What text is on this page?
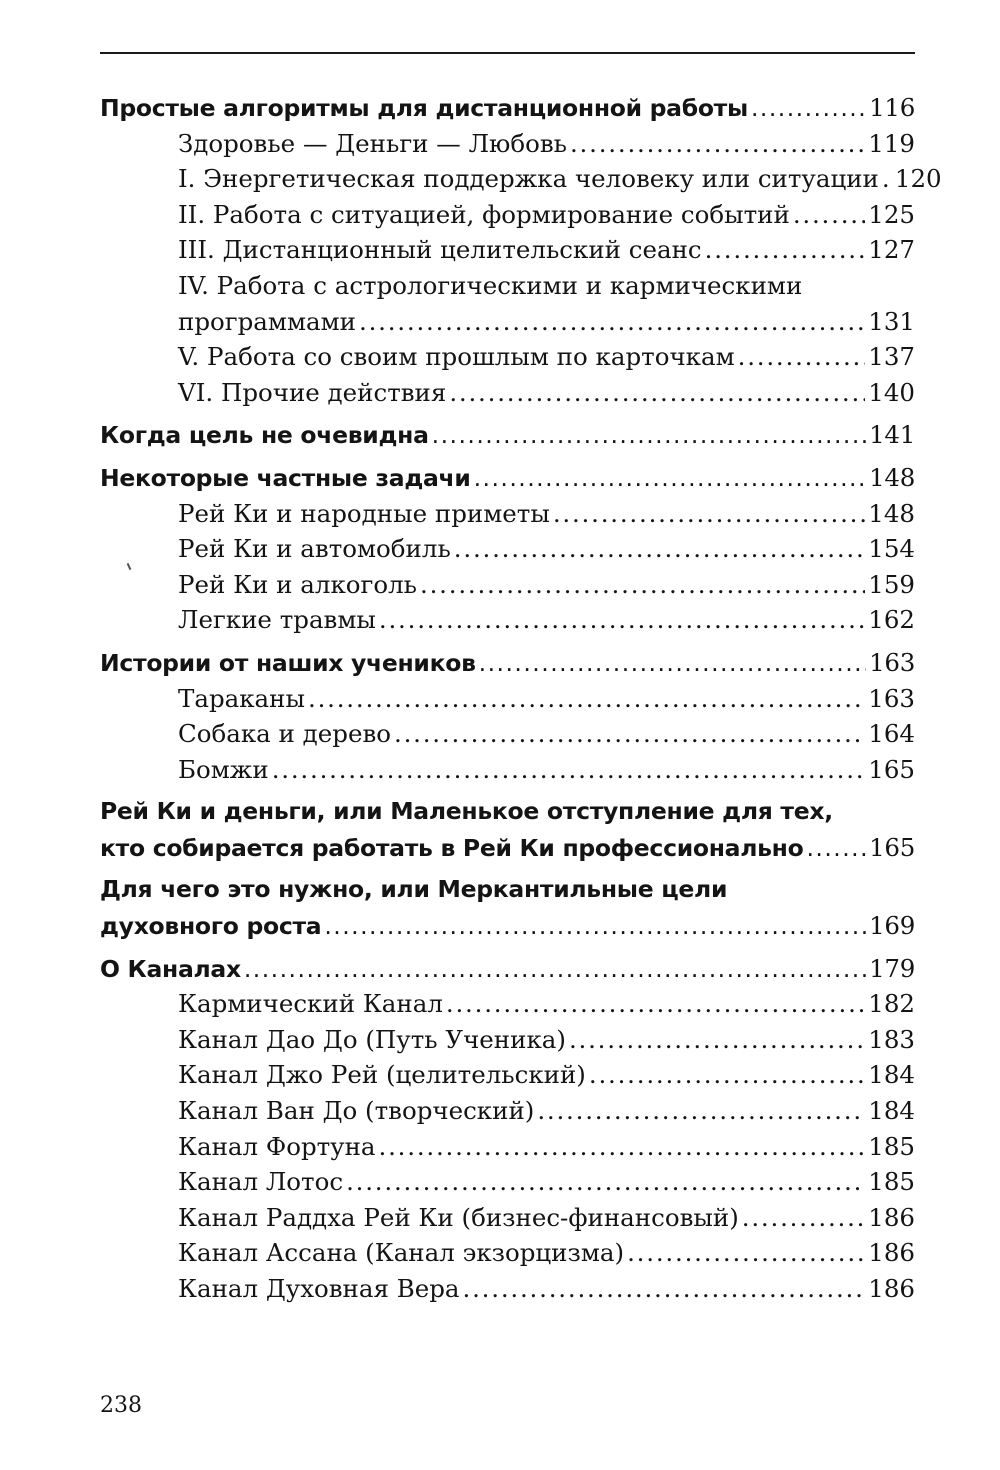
Простые алгоритмы для дистанционной работы . . .	116
Здоровье — Деньги — Любовь . . .	119
I. Энергетическая поддержка человеку или ситуации . . . 120
II. Работа с ситуацией, формирование событий . . .	125
III. Дистанционный целительский сеанс . . .	127
IV. Работа с астрологическими и кармическими
программами . . .	131
V. Работа со своим прошлым по карточкам . . .	137
VI. Прочие действия . . .	140
Когда цель не очевидна . . .	141
Некоторые частные задачи . . .	148
Рей Ки и народные приметы . . .	148
Рей Ки и автомобиль . . .	154
Рей Ки и алкоголь . . .	159
Легкие травмы . . .	162
Истории от наших учеников . . .	163
Тараканы . . .	163
Собака и дерево . . .	164
Бомжи . . .	165
Рей Ки и деньги, или Маленькое отступление для тех,
кто собирается работать в Рей Ки профессионально . . .	165
Для чего это нужно, или Меркантильные цели
духовного роста . . .	169
О Каналах . . .	179
Кармический Канал . . .	182
Канал Дао До (Путь Ученика) . . .	183
Канал Джо Рей (целительский) . . .	184
Канал Ван До (творческий) . . .	184
Канал Фортуна . . .	185
Канал Лотос . . .	185
Канал Раддха Рей Ки (бизнес-финансовый) . . .	186
Канал Ассана (Канал экзорцизма) . . .	186
Канал Духовная Вера . . .	186
238
